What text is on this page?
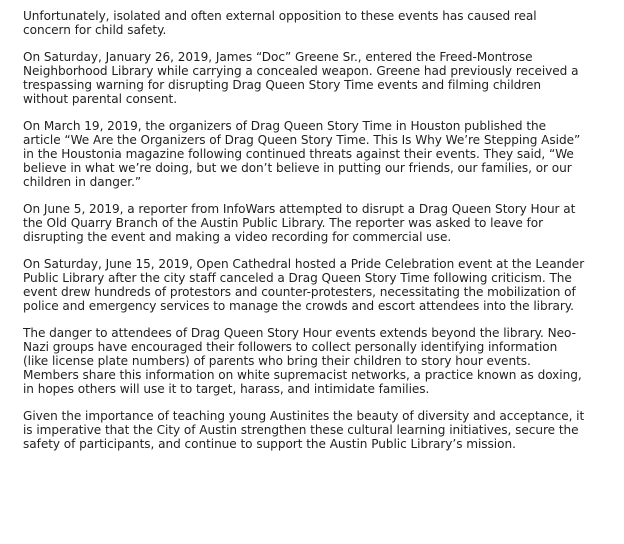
Unfortunately, isolated and often external opposition to these events has caused real concern for child safety.

On Saturday, January 26, 2019, James “Doc” Greene Sr., entered the Freed-Montrose Neighborhood Library while carrying a concealed weapon. Greene had previously received a trespassing warning for disrupting Drag Queen Story Time events and filming children without parental consent.

On March 19, 2019, the organizers of Drag Queen Story Time in Houston published the article “We Are the Organizers of Drag Queen Story Time. This Is Why We’re Stepping Aside” in the Houstonia magazine following continued threats against their events. They said, “We believe in what we’re doing, but we don’t believe in putting our friends, our families, or our children in danger.”

On June 5, 2019, a reporter from InfoWars attempted to disrupt a Drag Queen Story Hour at the Old Quarry Branch of the Austin Public Library. The reporter was asked to leave for disrupting the event and making a video recording for commercial use.

On Saturday, June 15, 2019, Open Cathedral hosted a Pride Celebration event at the Leander Public Library after the city staff canceled a Drag Queen Story Time following criticism. The event drew hundreds of protestors and counter-protesters, necessitating the mobilization of police and emergency services to manage the crowds and escort attendees into the library.

The danger to attendees of Drag Queen Story Hour events extends beyond the library. Neo-Nazi groups have encouraged their followers to collect personally identifying information (like license plate numbers) of parents who bring their children to story hour events. Members share this information on white supremacist networks, a practice known as doxing, in hopes others will use it to target, harass, and intimidate families.

Given the importance of teaching young Austinites the beauty of diversity and acceptance, it is imperative that the City of Austin strengthen these cultural learning initiatives, secure the safety of participants, and continue to support the Austin Public Library’s mission.
